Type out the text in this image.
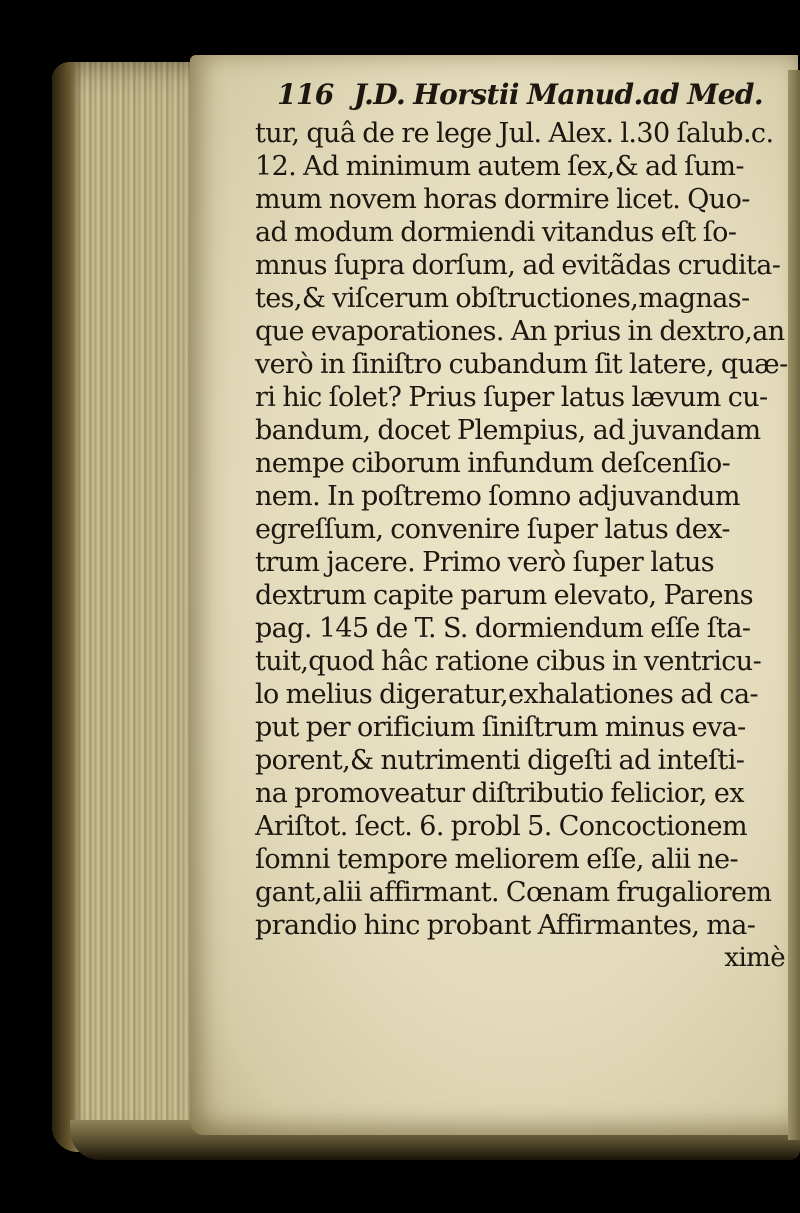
116 J.D. Horstii Manud.ad Med.
tur, quâ de re lege Jul. Alex. l.30 ſalub.c.
12. Ad minimum autem ſex,& ad ſum-
mum novem horas dormire licet. Quo-
ad modum dormiendi vitandus eſt ſo-
mnus ſupra dorſum, ad evitãdas crudita-
tes,& viſcerum obſtructiones,magnas-
que evaporationes. An prius in dextro,an
verò in ſiniſtro cubandum ſit latere, quæ-
ri hic ſolet? Prius ſuper latus lævum cu-
bandum, docet Plempius, ad juvandam
nempe ciborum infundum deſcenſio-
nem. In poſtremo ſomno adjuvandum
egreſſum, convenire ſuper latus dex-
trum jacere. Primo verò ſuper latus
dextrum capite parum elevato, Parens
pag. 145 de T. S. dormiendum eſſe ſta-
tuit,quod hâc ratione cibus in ventricu-
lo melius digeratur,exhalationes ad ca-
put per orificium ſiniſtrum minus eva-
porent,& nutrimenti digeſti ad inteſti-
na promoveatur diſtributio felicior, ex
Ariſtot. ſect. 6. probl 5. Concoctionem
ſomni tempore meliorem eſſe, alii ne-
gant,alii affirmant. Cœnam frugaliorem
prandio hinc probant Affirmantes, ma-
ximè
